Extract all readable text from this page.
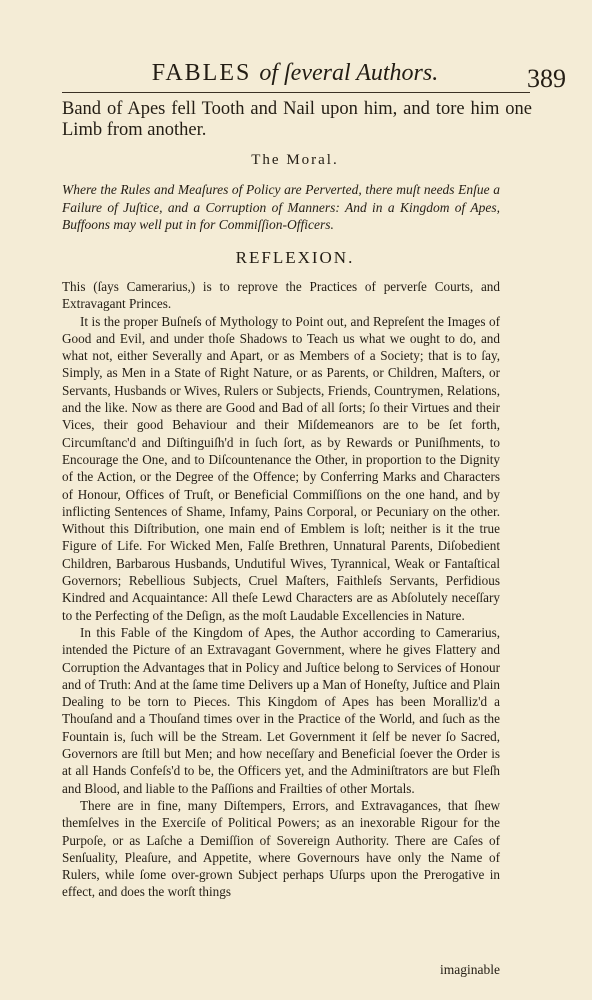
FABLES of ſeveral Authors.	389
Band of Apes fell Tooth and Nail upon him, and tore him one Limb from another.
The Moral.
Where the Rules and Meaſures of Policy are Perverted, there muſt needs Enſue a Failure of Juſtice, and a Corruption of Manners: And in a Kingdom of Apes, Buffoons may well put in for Commiſſion-Officers.
REFLEXION.

This (ſays Camerarius,) is to reprove the Practices of perverſe Courts, and Extravagant Princes.

It is the proper Buſneſs of Mythology to Point out, and Repreſent the Images of Good and Evil, and under thoſe Shadows to Teach us what we ought to do, and what not, either Severally and Apart, or as Members of a Society; that is to ſay, Simply, as Men in a State of Right Nature, or as Parents, or Children, Maſters, or Servants, Husbands or Wives, Rulers or Subjects, Friends, Countrymen, Relations, and the like. Now as there are Good and Bad of all ſorts; ſo their Virtues and their Vices, their good Behaviour and their Miſdemeanors are to be ſet forth, Circumſtanc'd and Diſtinguiſh'd in ſuch ſort, as by Rewards or Puniſhments, to Encourage the One, and to Diſcountenance the Other, in proportion to the Dignity of the Action, or the Degree of the Offence; by Conferring Marks and Characters of Honour, Offices of Truſt, or Beneficial Commiſſions on the one hand, and by inflicting Sentences of Shame, Infamy, Pains Corporal, or Pecuniary on the other. Without this Diſtribution, one main end of Emblem is loſt; neither is it the true Figure of Life. For Wicked Men, Falſe Brethren, Unnatural Parents, Diſobedient Children, Barbarous Husbands, Undutiful Wives, Tyrannical, Weak or Fantaſtical Governors; Rebellious Subjects, Cruel Maſters, Faithleſs Servants, Perfidious Kindred and Acquaintance: All theſe Lewd Characters are as Abſolutely neceſſary to the Perfecting of the Deſign, as the moſt Laudable Excellencies in Nature.

In this Fable of the Kingdom of Apes, the Author according to Camerarius, intended the Picture of an Extravagant Government, where he gives Flattery and Corruption the Advantages that in Policy and Juſtice belong to Services of Honour and of Truth: And at the ſame time Delivers up a Man of Honeſty, Juſtice and Plain Dealing to be torn to Pieces. This Kingdom of Apes has been Moralliz'd a Thouſand and a Thouſand times over in the Practice of the World, and ſuch as the Fountain is, ſuch will be the Stream. Let Government it ſelf be never ſo Sacred, Governors are ſtill but Men; and how neceſſary and Beneficial ſoever the Order is at all Hands Confeſs'd to be, the Officers yet, and the Adminiſtrators are but Fleſh and Blood, and liable to the Paſſions and Frailties of other Mortals.

There are in fine, many Diſtempers, Errors, and Extravagances, that ſhew themſelves in the Exerciſe of Political Powers; as an inexorable Rigour for the Purpoſe, or as Laſche a Demiſſion of Sovereign Authority. There are Caſes of Senſuality, Pleaſure, and Appetite, where Governours have only the Name of Rulers, while ſome over-grown Subject perhaps Uſurps upon the Prerogative in effect, and does the worſt things

imaginable
